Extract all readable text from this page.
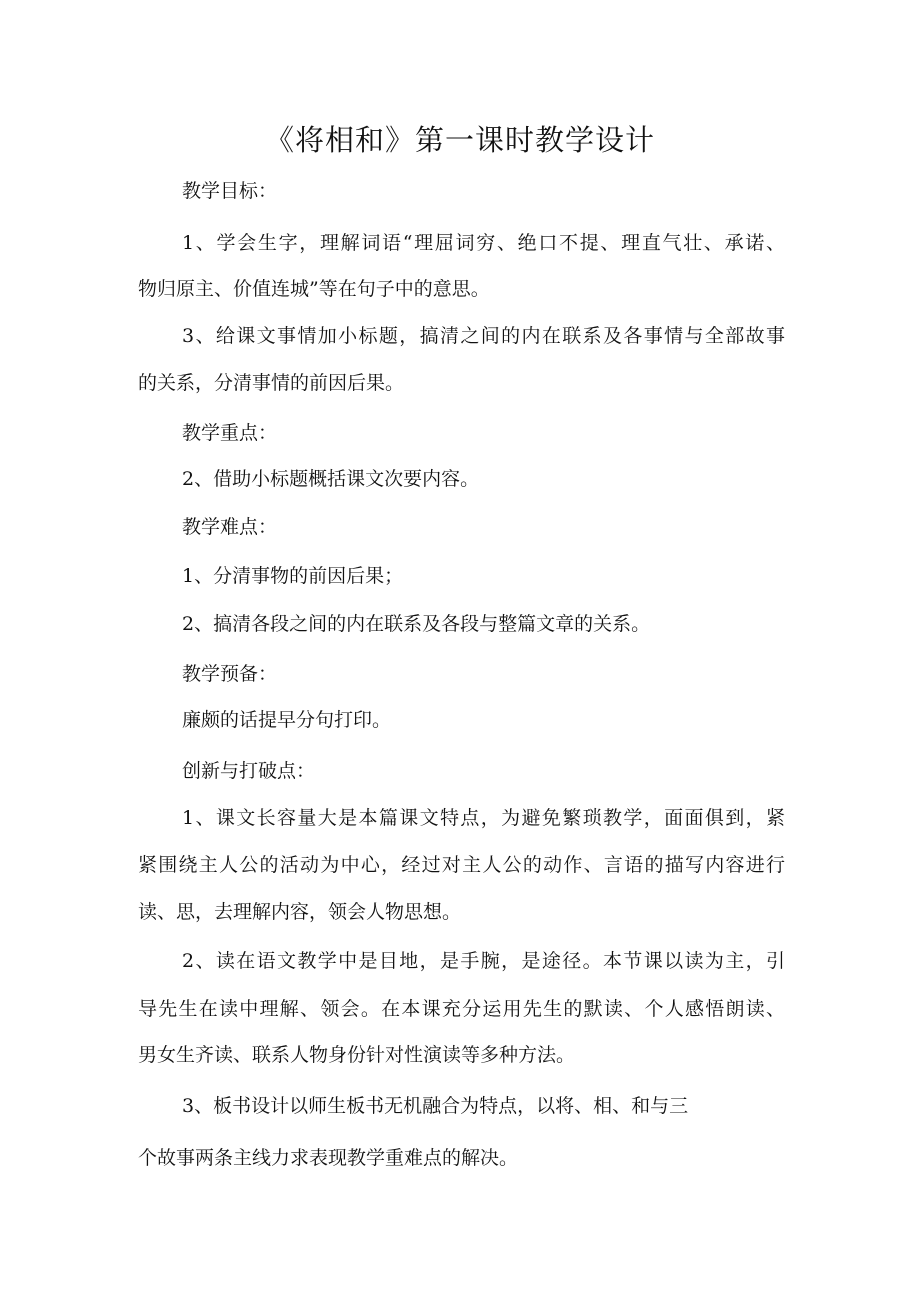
《将相和》第一课时教学设计

教学目标：

1、学会生字，理解词语“理屈词穷、绝口不提、理直气壮、承诺、

物归原主、价值连城”等在句子中的意思。

3、给课文事情加小标题，搞清之间的内在联系及各事情与全部故事

的关系，分清事情的前因后果。

教学重点：

2、借助小标题概括课文次要内容。

教学难点：

1、分清事物的前因后果；

2、搞清各段之间的内在联系及各段与整篇文章的关系。

教学预备：

廉颇的话提早分句打印。

创新与打破点：

1、课文长容量大是本篇课文特点，为避免繁琐教学，面面俱到，紧

紧围绕主人公的活动为中心，经过对主人公的动作、言语的描写内容进行

读、思，去理解内容，领会人物思想。

2、读在语文教学中是目地，是手腕，是途径。本节课以读为主，引

导先生在读中理解、领会。在本课充分运用先生的默读、个人感悟朗读、

男女生齐读、联系人物身份针对性演读等多种方法。

3、板书设计以师生板书无机融合为特点，以将、相、和与三

个故事两条主线力求表现教学重难点的解决。
